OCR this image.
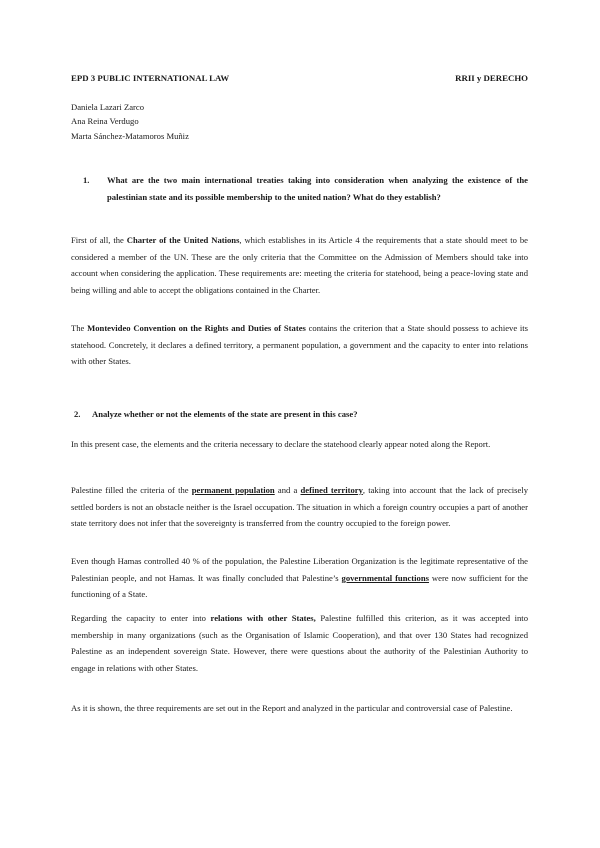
EPD 3 PUBLIC INTERNATIONAL LAW	RRII y DERECHO
Daniela Lazari Zarco
Ana Reina Verdugo
Marta Sánchez-Matamoros Muñiz
1. What are the two main international treaties taking into consideration when analyzing the existence of the palestinian state and its possible membership to the united nation? What do they establish?
First of all, the Charter of the United Nations, which establishes in its Article 4 the requirements that a state should meet to be considered a member of the UN. These are the only criteria that the Committee on the Admission of Members should take into account when considering the application. These requirements are: meeting the criteria for statehood, being a peace-loving state and being willing and able to accept the obligations contained in the Charter.
The Montevideo Convention on the Rights and Duties of States contains the criterion that a State should possess to achieve its statehood. Concretely, it declares a defined territory, a permanent population, a government and the capacity to enter into relations with other States.
2. Analyze whether or not the elements of the state are present in this case?
In this present case, the elements and the criteria necessary to declare the statehood clearly appear noted along the Report.
Palestine filled the criteria of the permanent population and a defined territory, taking into account that the lack of precisely settled borders is not an obstacle neither is the Israel occupation. The situation in which a foreign country occupies a part of another state territory does not infer that the sovereignty is transferred from the country occupied to the foreign power.
Even though Hamas controlled 40 % of the population, the Palestine Liberation Organization is the legitimate representative of the Palestinian people, and not Hamas. It was finally concluded that Palestine’s governmental functions were now sufficient for the functioning of a State.
Regarding the capacity to enter into relations with other States, Palestine fulfilled this criterion, as it was accepted into membership in many organizations (such as the Organisation of Islamic Cooperation), and that over 130 States had recognized Palestine as an independent sovereign State. However, there were questions about the authority of the Palestinian Authority to engage in relations with other States.
As it is shown, the three requirements are set out in the Report and analyzed in the particular and controversial case of Palestine.
